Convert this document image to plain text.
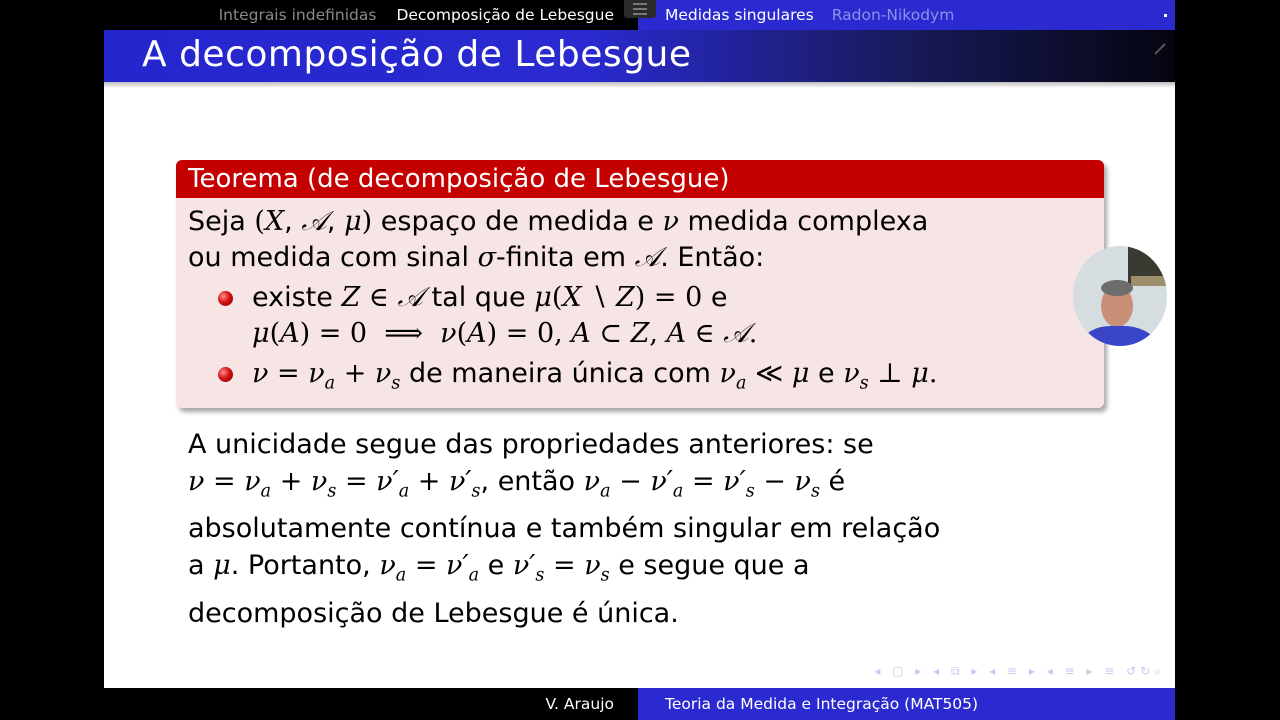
Integrais indefinidas Decomposição de Lebesgue	Medidas singulares Radon-Nikodym
A decomposição de Lebesgue
Teorema (de decomposição de Lebesgue)
Seja (X, 𝒜, μ) espaço de medida e ν medida complexa
ou medida com sinal σ-finita em 𝒜. Então:
existe Z ∈ 𝒜 tal que μ(X ∖ Z) = 0 e
μ(A) = 0  ⟹  ν(A) = 0, A ⊂ Z, A ∈ 𝒜.
$\nu = \nu_a + \nu_s$ de maneira única com $\nu_a$ ≪ μ e $\nu_s$ ⊥ μ.
A unicidade segue das propriedades anteriores: se
$\nu = \nu_a + \nu_s = \nu'_a + \nu'_s$, então $\nu_a - \nu'_a = \nu'_s - \nu_s$ é
absolutamente contínua e também singular em relação
a μ. Portanto, $\nu_a = \nu'_a$ e $\nu'_s = \nu_s$ e segue que a
decomposição de Lebesgue é única.
◂ ▢ ▸ ◂ ⧉ ▸ ◂ ≡ ▸ ◂ ≡ ▸ ≡ ↺↻⌕
V. Araujo	Teoria da Medida e Integração (MAT505)
